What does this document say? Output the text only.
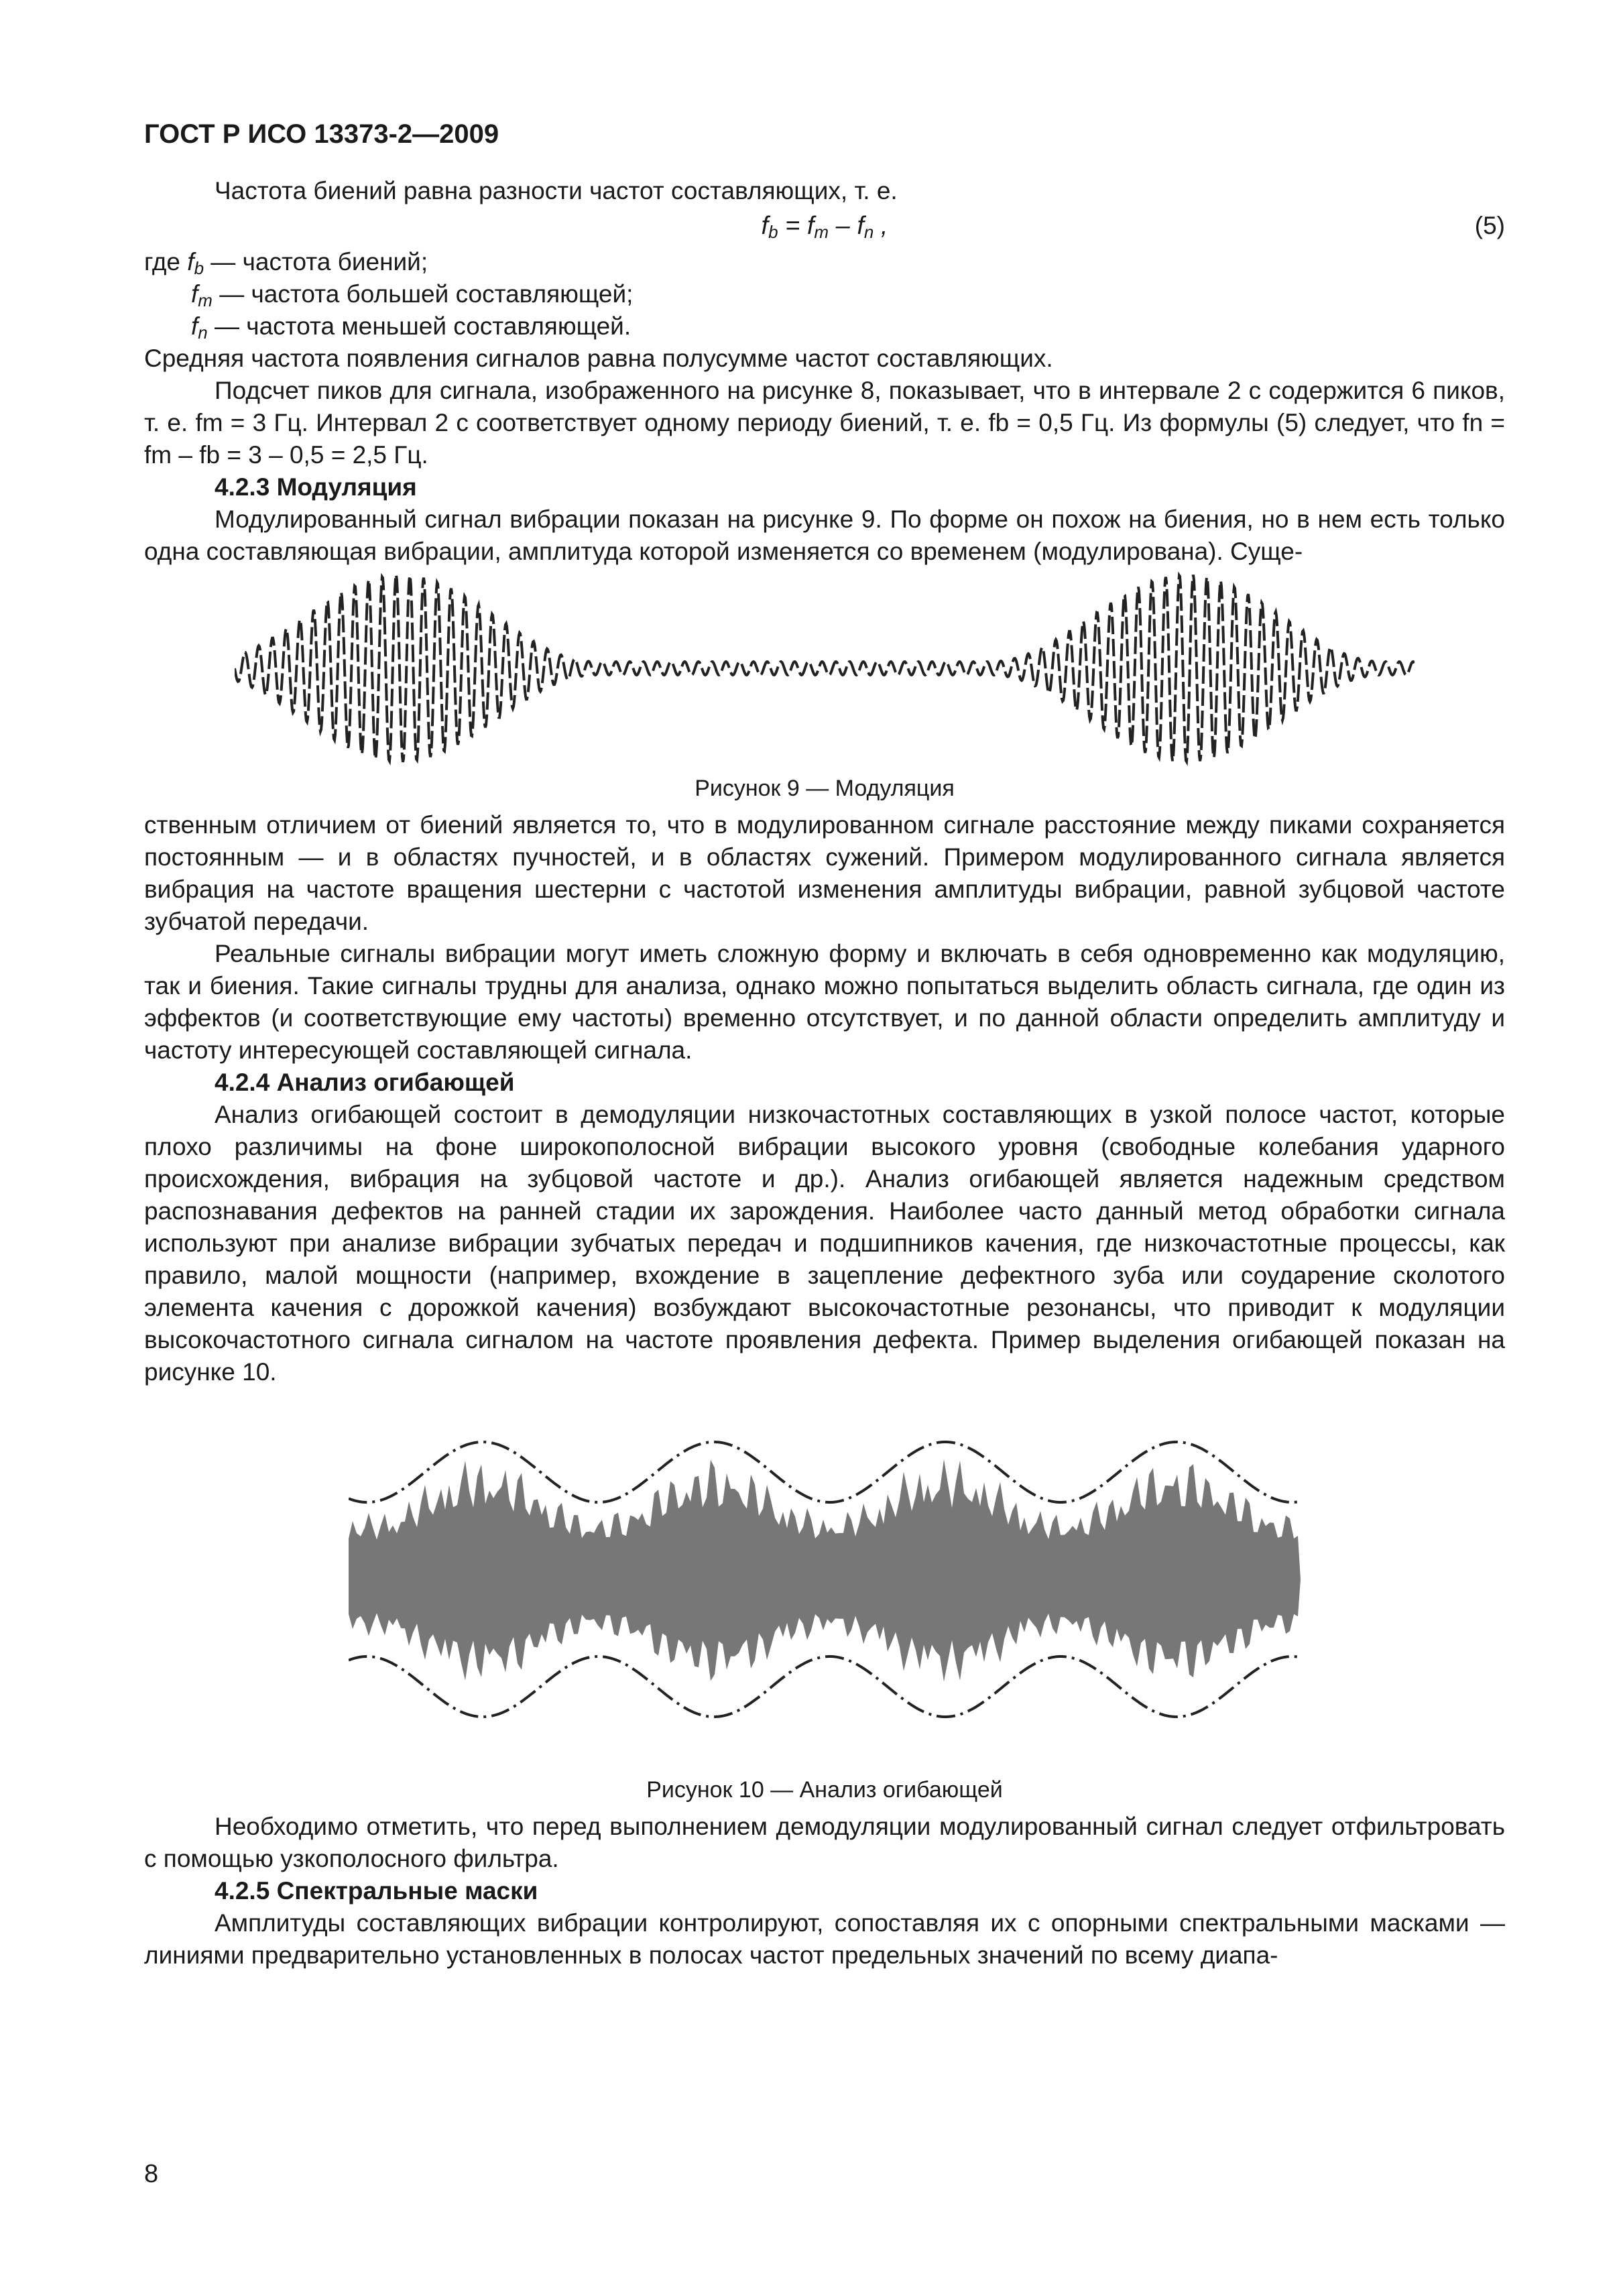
ГОСТ Р ИСО 13373-2—2009

Частота биений равна разности частот составляющих, т. е.

$f_b = f_m - f_n$ ,	(5)
где $f_b$ — частота биений;
$f_m$ — частота большей составляющей;
$f_n$ — частота меньшей составляющей.

Средняя частота появления сигналов равна полусумме частот составляющих.

Подсчет пиков для сигнала, изображенного на рисунке 8, показывает, что в интервале 2 с содержится 6 пиков, т. е. fm = 3 Гц. Интервал 2 с соответствует одному периоду биений, т. е. fb = 0,5 Гц. Из формулы (5) следует, что fn = fm – fb = 3 – 0,5 = 2,5 Гц.

4.2.3 Модуляция

Модулированный сигнал вибрации показан на рисунке 9. По форме он похож на биения, но в нем есть только одна составляющая вибрации, амплитуда которой изменяется со временем (модулирована). Суще-

Рисунок 9 — Модуляция

ственным отличием от биений является то, что в модулированном сигнале расстояние между пиками сохраняется постоянным — и в областях пучностей, и в областях сужений. Примером модулированного сигнала является вибрация на частоте вращения шестерни с частотой изменения амплитуды вибрации, равной зубцовой частоте зубчатой передачи.

Реальные сигналы вибрации могут иметь сложную форму и включать в себя одновременно как модуляцию, так и биения. Такие сигналы трудны для анализа, однако можно попытаться выделить область сигнала, где один из эффектов (и соответствующие ему частоты) временно отсутствует, и по данной области определить амплитуду и частоту интересующей составляющей сигнала.

4.2.4 Анализ огибающей

Анализ огибающей состоит в демодуляции низкочастотных составляющих в узкой полосе частот, которые плохо различимы на фоне широкополосной вибрации высокого уровня (свободные колебания ударного происхождения, вибрация на зубцовой частоте и др.). Анализ огибающей является надежным средством распознавания дефектов на ранней стадии их зарождения. Наиболее часто данный метод обработки сигнала используют при анализе вибрации зубчатых передач и подшипников качения, где низкочастотные процессы, как правило, малой мощности (например, вхождение в зацепление дефектного зуба или соударение сколотого элемента качения с дорожкой качения) возбуждают высокочастотные резонансы, что приводит к модуляции высокочастотного сигнала сигналом на частоте проявления дефекта. Пример выделения огибающей показан на рисунке 10.

Рисунок 10 — Анализ огибающей

Необходимо отметить, что перед выполнением демодуляции модулированный сигнал следует отфильтровать с помощью узкополосного фильтра.

4.2.5 Спектральные маски

Амплитуды составляющих вибрации контролируют, сопоставляя их с опорными спектральными масками — линиями предварительно установленных в полосах частот предельных значений по всему диапа-

8
